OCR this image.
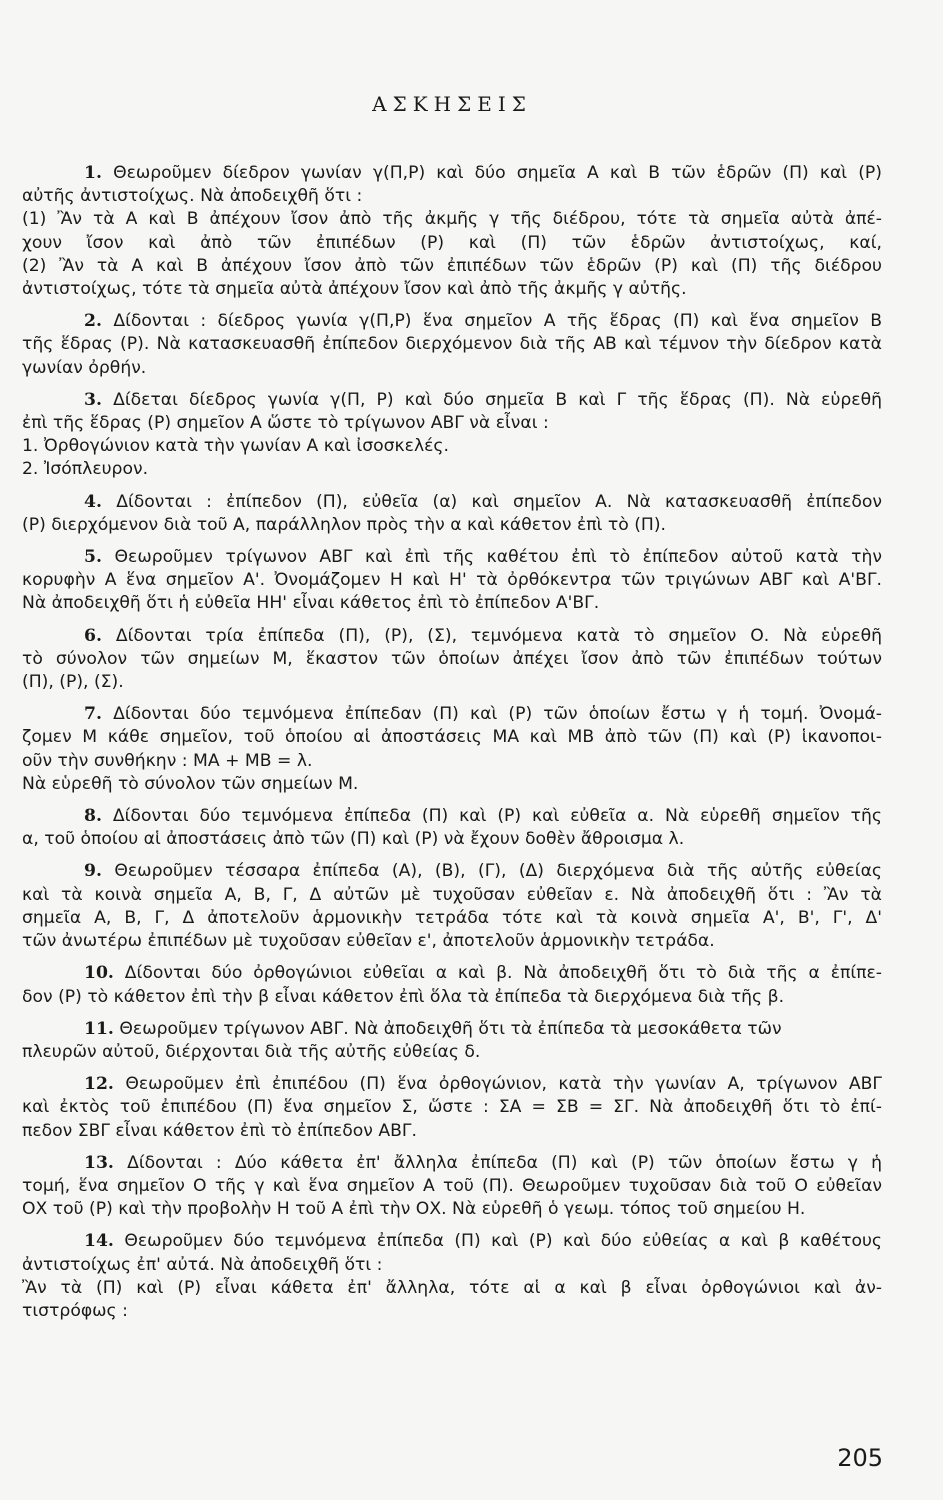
ΑΣΚΗΣΕΙΣ
1. Θεωροῦμεν δίεδρον γωνίαν γ(Π,Ρ) καὶ δύο σημεῖα Α καὶ Β τῶν ἑδρῶν (Π) καὶ (Ρ)
αὐτῆς ἀντιστοίχως. Νὰ ἀποδειχθῆ ὅτι :
(1) Ἂν τὰ Α καὶ Β ἀπέχουν ἴσον ἀπὸ τῆς ἀκμῆς γ τῆς διέδρου, τότε τὰ σημεῖα αὐτὰ ἀπέ-
χουν ἴσον καὶ ἀπὸ τῶν ἐπιπέδων (Ρ) καὶ (Π) τῶν ἑδρῶν ἀντιστοίχως, καί,
(2) Ἂν τὰ Α καὶ Β ἀπέχουν ἴσον ἀπὸ τῶν ἐπιπέδων τῶν ἑδρῶν (Ρ) καὶ (Π) τῆς διέδρου
ἀντιστοίχως, τότε τὰ σημεῖα αὐτὰ ἀπέχουν ἴσον καὶ ἀπὸ τῆς ἀκμῆς γ αὐτῆς.
2. Δίδονται : δίεδρος γωνία γ(Π,Ρ) ἕνα σημεῖον Α τῆς ἕδρας (Π) καὶ ἕνα σημεῖον Β
τῆς ἕδρας (Ρ). Νὰ κατασκευασθῆ ἐπίπεδον διερχόμενον διὰ τῆς ΑΒ καὶ τέμνον τὴν δίεδρον κατὰ
γωνίαν ὀρθήν.
3. Δίδεται δίεδρος γωνία γ(Π, Ρ) καὶ δύο σημεῖα Β καὶ Γ τῆς ἕδρας (Π). Νὰ εὑρεθῆ
ἐπὶ τῆς ἕδρας (Ρ) σημεῖον Α ὥστε τὸ τρίγωνον ΑΒΓ νὰ εἶναι :
1. Ὀρθογώνιον κατὰ τὴν γωνίαν Α καὶ ἰσοσκελές.
2. Ἰσόπλευρον.
4. Δίδονται : ἐπίπεδον (Π), εὐθεῖα (α) καὶ σημεῖον Α. Νὰ κατασκευασθῆ ἐπίπεδον
(Ρ) διερχόμενον διὰ τοῦ Α, παράλληλον πρὸς τὴν α καὶ κάθετον ἐπὶ τὸ (Π).
5. Θεωροῦμεν τρίγωνον ΑΒΓ καὶ ἐπὶ τῆς καθέτου ἐπὶ τὸ ἐπίπεδον αὐτοῦ κατὰ τὴν
κορυφὴν Α ἕνα σημεῖον Α'. Ὀνομάζομεν Η καὶ Η' τὰ ὀρθόκεντρα τῶν τριγώνων ΑΒΓ καὶ Α'ΒΓ.
Νὰ ἀποδειχθῆ ὅτι ἡ εὐθεῖα ΗΗ' εἶναι κάθετος ἐπὶ τὸ ἐπίπεδον Α'ΒΓ.
6. Δίδονται τρία ἐπίπεδα (Π), (Ρ), (Σ), τεμνόμενα κατὰ τὸ σημεῖον Ο. Νὰ εὑρεθῆ
τὸ σύνολον τῶν σημείων Μ, ἕκαστον τῶν ὁποίων ἀπέχει ἴσον ἀπὸ τῶν ἐπιπέδων τούτων
(Π), (Ρ), (Σ).
7. Δίδονται δύο τεμνόμενα ἐπίπεδαν (Π) καὶ (Ρ) τῶν ὁποίων ἔστω γ ἡ τομή. Ὀνομά-
ζομεν Μ κάθε σημεῖον, τοῦ ὁποίου αἱ ἀποστάσεις ΜΑ καὶ ΜΒ ἀπὸ τῶν (Π) καὶ (Ρ) ἱκανοποι-
οῦν τὴν συνθήκην : ΜΑ + ΜΒ = λ.
Νὰ εὑρεθῆ τὸ σύνολον τῶν σημείων Μ.
8. Δίδονται δύο τεμνόμενα ἐπίπεδα (Π) καὶ (Ρ) καὶ εὐθεῖα α. Νὰ εὑρεθῆ σημεῖον τῆς
α, τοῦ ὁποίου αἱ ἀποστάσεις ἀπὸ τῶν (Π) καὶ (Ρ) νὰ ἔχουν δοθὲν ἄθροισμα λ.
9. Θεωροῦμεν τέσσαρα ἐπίπεδα (Α), (Β), (Γ), (Δ) διερχόμενα διὰ τῆς αὐτῆς εὐθείας
καὶ τὰ κοινὰ σημεῖα Α, Β, Γ, Δ αὐτῶν μὲ τυχοῦσαν εὐθεῖαν ε. Νὰ ἀποδειχθῆ ὅτι : Ἂν τὰ
σημεῖα Α, Β, Γ, Δ ἀποτελοῦν ἁρμονικὴν τετράδα τότε καὶ τὰ κοινὰ σημεῖα Α', Β', Γ', Δ'
τῶν ἀνωτέρω ἐπιπέδων μὲ τυχοῦσαν εὐθεῖαν ε', ἀποτελοῦν ἁρμονικὴν τετράδα.
10. Δίδονται δύο ὀρθογώνιοι εὐθεῖαι α καὶ β. Νὰ ἀποδειχθῆ ὅτι τὸ διὰ τῆς α ἐπίπε-
δον (Ρ) τὸ κάθετον ἐπὶ τὴν β εἶναι κάθετον ἐπὶ ὅλα τὰ ἐπίπεδα τὰ διερχόμενα διὰ τῆς β.
11. Θεωροῦμεν τρίγωνον ΑΒΓ. Νὰ ἀποδειχθῆ ὅτι τὰ ἐπίπεδα τὰ μεσοκάθετα τῶν
πλευρῶν αὐτοῦ, διέρχονται διὰ τῆς αὐτῆς εὐθείας δ.
12. Θεωροῦμεν ἐπὶ ἐπιπέδου (Π) ἕνα ὀρθογώνιον, κατὰ τὴν γωνίαν Α, τρίγωνον ΑΒΓ
καὶ ἐκτὸς τοῦ ἐπιπέδου (Π) ἕνα σημεῖον Σ, ὥστε : ΣΑ = ΣΒ = ΣΓ. Νὰ ἀποδειχθῆ ὅτι τὸ ἐπί-
πεδον ΣΒΓ εἶναι κάθετον ἐπὶ τὸ ἐπίπεδον ΑΒΓ.
13. Δίδονται : Δύο κάθετα ἐπ' ἄλληλα ἐπίπεδα (Π) καὶ (Ρ) τῶν ὁποίων ἔστω γ ἡ
τομή, ἕνα σημεῖον Ο τῆς γ καὶ ἕνα σημεῖον Α τοῦ (Π). Θεωροῦμεν τυχοῦσαν διὰ τοῦ Ο εὐθεῖαν
ΟΧ τοῦ (Ρ) καὶ τὴν προβολὴν Η τοῦ Α ἐπὶ τὴν ΟΧ. Νὰ εὑρεθῆ ὁ γεωμ. τόπος τοῦ σημείου Η.
14. Θεωροῦμεν δύο τεμνόμενα ἐπίπεδα (Π) καὶ (Ρ) καὶ δύο εὐθείας α καὶ β καθέτους
ἀντιστοίχως ἐπ' αὐτά. Νὰ ἀποδειχθῆ ὅτι :
Ἂν τὰ (Π) καὶ (Ρ) εἶναι κάθετα ἐπ' ἄλληλα, τότε αἱ α καὶ β εἶναι ὀρθογώνιοι καὶ ἀν-
τιστρόφως :
205
